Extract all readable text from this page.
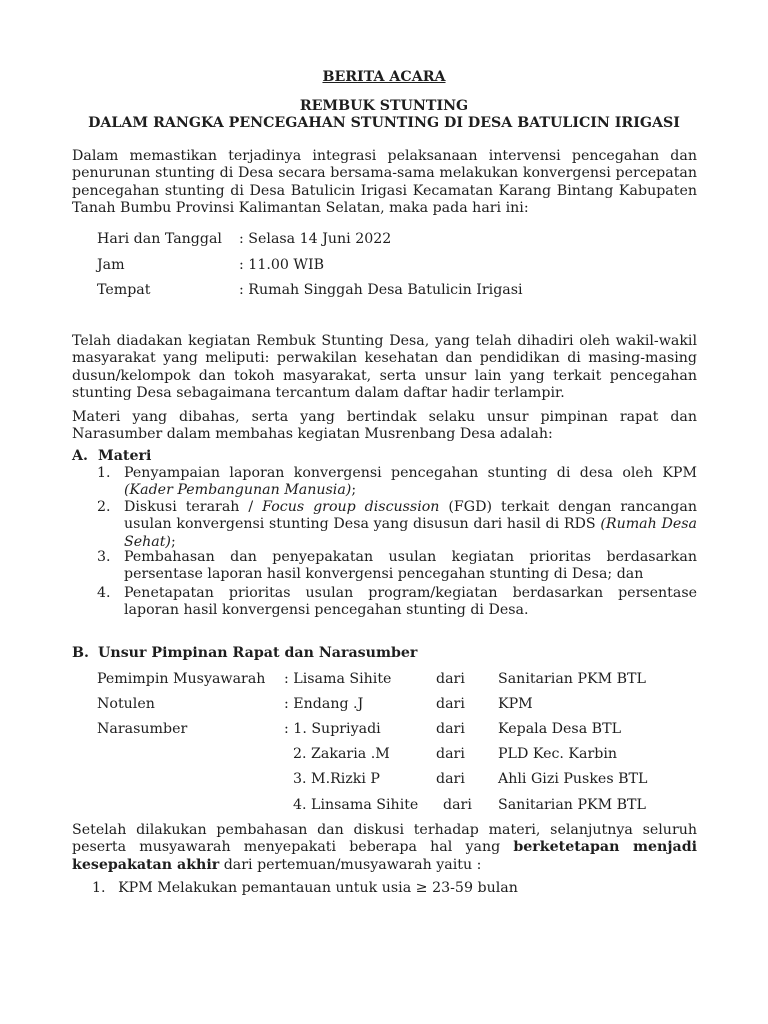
BERITA ACARA
REMBUK STUNTING
DALAM RANGKA PENCEGAHAN STUNTING DI DESA BATULICIN IRIGASI
Dalam memastikan terjadinya integrasi pelaksanaan intervensi pencegahan dan penurunan stunting di Desa secara bersama-sama melakukan konvergensi percepatan pencegahan stunting di Desa Batulicin Irigasi Kecamatan Karang Bintang Kabupaten Tanah Bumbu Provinsi Kalimantan Selatan, maka pada hari ini:
Hari dan Tanggal : Selasa 14 Juni 2022
Jam	: 11.00 WIB
Tempat	: Rumah Singgah Desa Batulicin Irigasi
Telah diadakan kegiatan Rembuk Stunting Desa, yang telah dihadiri oleh wakil-wakil masyarakat yang meliputi: perwakilan kesehatan dan pendidikan di masing-masing dusun/kelompok dan tokoh masyarakat, serta unsur lain yang terkait pencegahan stunting Desa sebagaimana tercantum dalam daftar hadir terlampir.
Materi yang dibahas, serta yang bertindak selaku unsur pimpinan rapat dan Narasumber dalam membahas kegiatan Musrenbang Desa adalah:
A. Materi
1. Penyampaian laporan konvergensi pencegahan stunting di desa oleh KPM (Kader Pembangunan Manusia);
2. Diskusi terarah / Focus group discussion (FGD) terkait dengan rancangan usulan konvergensi stunting Desa yang disusun dari hasil di RDS (Rumah Desa Sehat);
3. Pembahasan dan penyepakatan usulan kegiatan prioritas berdasarkan persentase laporan hasil konvergensi pencegahan stunting di Desa; dan
4. Penetapatan prioritas usulan program/kegiatan berdasarkan persentase laporan hasil konvergensi pencegahan stunting di Desa.
B. Unsur Pimpinan Rapat dan Narasumber
Pemimpin Musyawarah : Lisama Sihite	dari Sanitarian PKM BTL
Notulen	: Endang .J	dari KPM
Narasumber	: 1. Supriyadi	dari Kepala Desa BTL
2. Zakaria .M	dari PLD Kec. Karbin
3. M.Rizki P	dari Ahli Gizi Puskes BTL
4. Linsama Sihite dari Sanitarian PKM BTL
Setelah dilakukan pembahasan dan diskusi terhadap materi, selanjutnya seluruh peserta musyawarah menyepakati beberapa hal yang berketetapan menjadi kesepakatan akhir dari pertemuan/musyawarah yaitu :
1. KPM Melakukan pemantauan untuk usia ≥ 23-59 bulan
